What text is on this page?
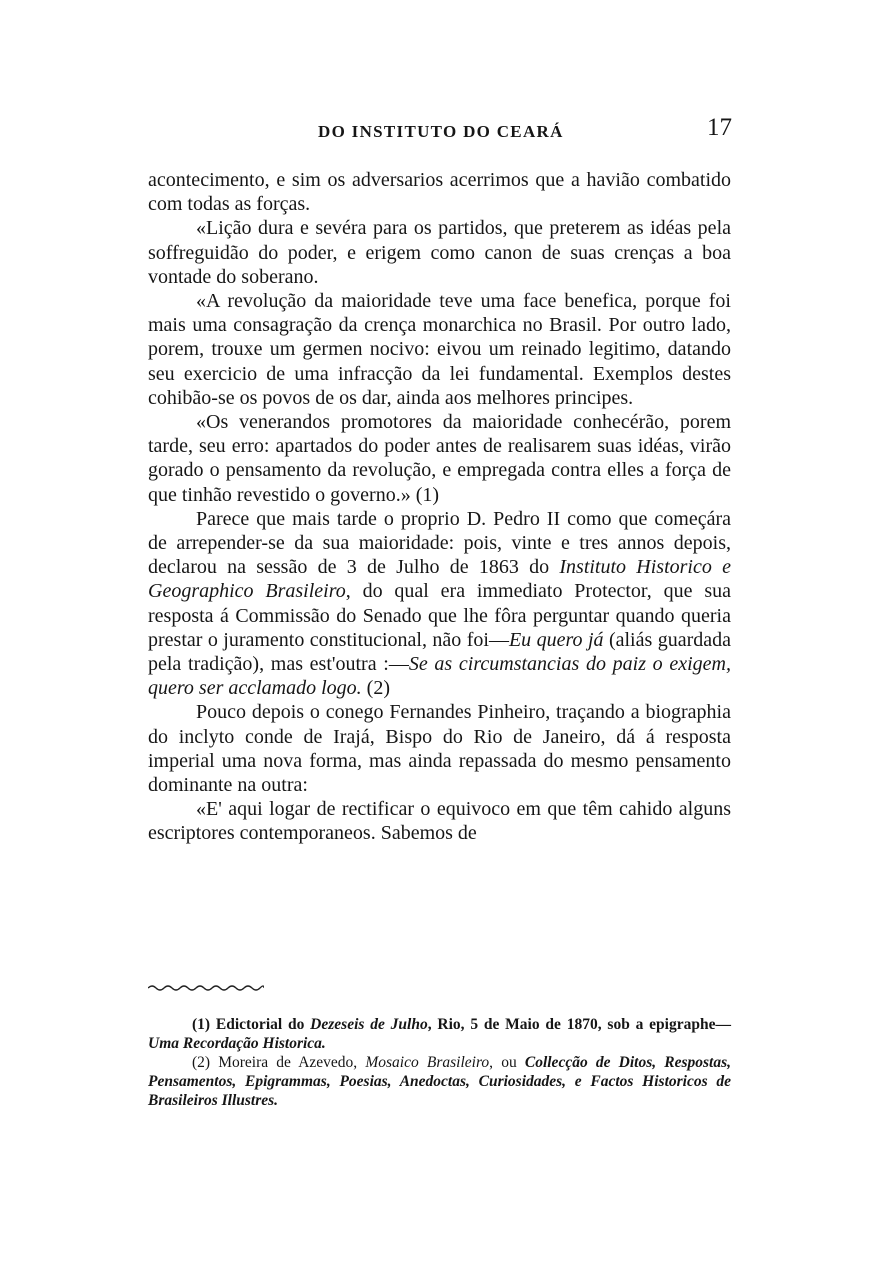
DO INSTITUTO DO CEARÁ	17

acontecimento, e sim os adversarios acerrimos que a havião combatido com todas as forças.

«Lição dura e sevéra para os partidos, que preterem as idéas pela soffreguidão do poder, e erigem como canon de suas crenças a boa vontade do soberano.

«A revolução da maioridade teve uma face benefica, porque foi mais uma consagração da crença monarchica no Brasil. Por outro lado, porem, trouxe um germen nocivo: eivou um reinado legitimo, datando seu exercicio de uma infracção da lei fundamental. Exemplos destes cohibão-se os povos de os dar, ainda aos melhores principes.

«Os venerandos promotores da maioridade conhecérão, porem tarde, seu erro: apartados do poder antes de realisarem suas idéas, virão gorado o pensamento da revolução, e empregada contra elles a força de que tinhão revestido o governo.» (1)

Parece que mais tarde o proprio D. Pedro II como que começára de arrepender-se da sua maioridade: pois, vinte e tres annos depois, declarou na sessão de 3 de Julho de 1863 do Instituto Historico e Geographico Brasileiro, do qual era immediato Protector, que sua resposta á Commissão do Senado que lhe fôra perguntar quando queria prestar o juramento constitucional, não foi—Eu quero já (aliás guardada pela tradição), mas est'outra :—Se as circumstancias do paiz o exigem, quero ser acclamado logo. (2)

Pouco depois o conego Fernandes Pinheiro, traçando a biographia do inclyto conde de Irajá, Bispo do Rio de Janeiro, dá á resposta imperial uma nova forma, mas ainda repassada do mesmo pensamento dominante na outra:

«E' aqui logar de rectificar o equivoco em que têm cahido alguns escriptores contemporaneos. Sabemos de

(1) Edictorial do Dezeseis de Julho, Rio, 5 de Maio de 1870, sob a epigraphe—Uma Recordação Historica.

(2) Moreira de Azevedo, Mosaico Brasileiro, ou Collecção de Ditos, Respostas, Pensamentos, Epigrammas, Poesias, Anedoctas, Curiosidades, e Factos Historicos de Brasileiros Illustres.
